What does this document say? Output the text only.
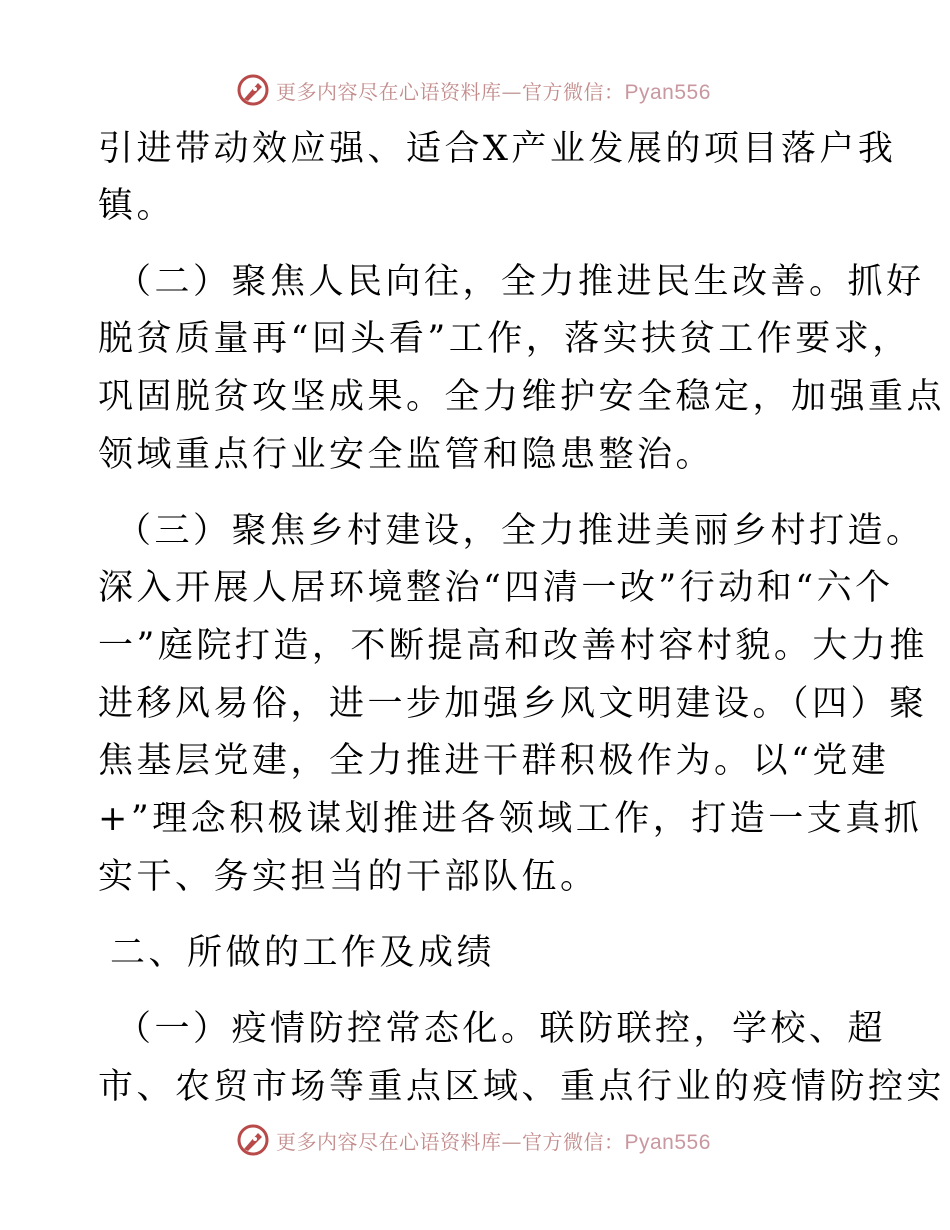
更多内容尽在心语资料库—官方微信：Pyan556
引进带动效应强、适合X产业发展的项目落户我
镇。
（二）聚焦人民向往，全力推进民生改善。抓好
脱贫质量再“回头看”工作，落实扶贫工作要求，
巩固脱贫攻坚成果。全力维护安全稳定，加强重点
领域重点行业安全监管和隐患整治。
（三）聚焦乡村建设，全力推进美丽乡村打造。
深入开展人居环境整治“四清一改”行动和“六个
一”庭院打造，不断提高和改善村容村貌。大力推
进移风易俗，进一步加强乡风文明建设。（四）聚
焦基层党建，全力推进干群积极作为。以“党建
+”理念积极谋划推进各领域工作，打造一支真抓
实干、务实担当的干部队伍。
二、所做的工作及成绩
（一）疫情防控常态化。联防联控，学校、超
市、农贸市场等重点区域、重点行业的疫情防控实
更多内容尽在心语资料库—官方微信：Pyan556
